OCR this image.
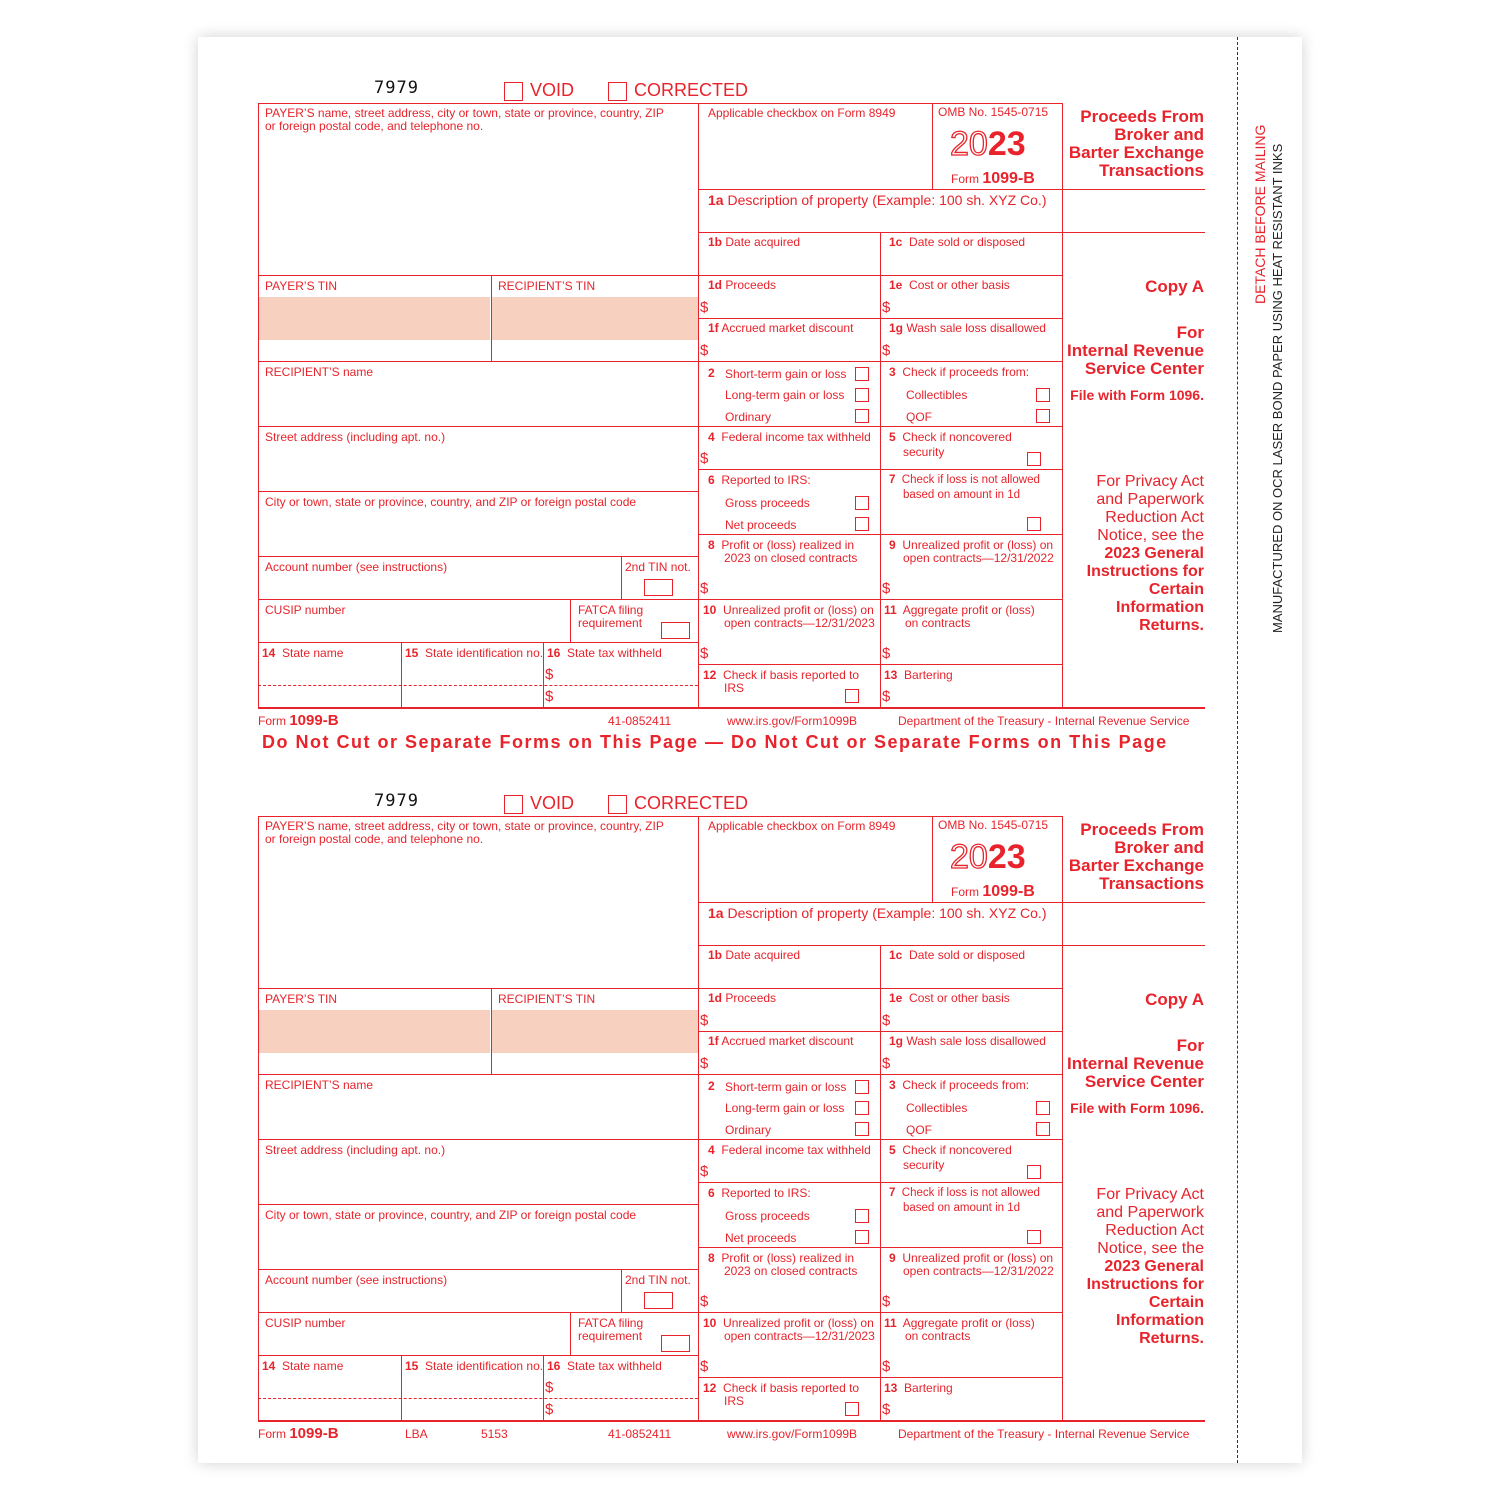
7979	VOID	CORRECTED
PAYER’S name, street address, city or town, state or province, country, ZIP
or foreign postal code, and telephone no.
PAYER’S TIN	RECIPIENT’S TIN
RECIPIENT’S name
Street address (including apt. no.)
City or town, state or province, country, and ZIP or foreign postal code
Account number (see instructions)	2nd TIN not.
CUSIP number	FATCA filing
requirement
14 State name	15 State identification no. 16 State tax withheld
$
$
Applicable checkbox on Form 8949	OMB No. 1545-0715
2023
Form 1099-B
1a Description of property (Example: 100 sh. XYZ Co.)
1b Date acquired	1c Date sold or disposed
1d Proceeds
$
1e Cost or other basis
$
1f Accrued market discount
$
1g Wash sale loss disallowed
$
2 Short-term gain or loss
Long-term gain or loss
Ordinary
3 Check if proceeds from:
Collectibles
QOF
4 Federal income tax withheld
$
5 Check if noncovered
security
6 Reported to IRS:
Gross proceeds
Net proceeds
7 Check if loss is not allowed
based on amount in 1d
8 Profit or (loss) realized in
2023 on closed contracts
$
9 Unrealized profit or (loss) on
open contracts—12/31/2022
$
10 Unrealized profit or (loss) on
open contracts—12/31/2023
$
11 Aggregate profit or (loss)
on contracts
$
12 Check if basis reported to
IRS
13 Bartering
$
Proceeds From
Broker and
Barter Exchange
Transactions
Copy A
For
Internal Revenue
Service Center
File with Form 1096.
For Privacy Act
and Paperwork
Reduction Act
Notice, see the
2023 General
Instructions for
Certain
Information
Returns.
Form 1099-B	41-0852411	www.irs.gov/Form1099B	Department of the Treasury - Internal Revenue Service
Do Not Cut or Separate Forms on This Page — Do Not Cut or Separate Forms on This Page
7979	VOID	CORRECTED
PAYER’S name, street address, city or town, state or province, country, ZIP
or foreign postal code, and telephone no.
PAYER’S TIN	RECIPIENT’S TIN
RECIPIENT’S name
Street address (including apt. no.)
City or town, state or province, country, and ZIP or foreign postal code
Account number (see instructions)	2nd TIN not.
CUSIP number	FATCA filing
requirement
14 State name	15 State identification no. 16 State tax withheld
$
$
Applicable checkbox on Form 8949	OMB No. 1545-0715
2023
Form 1099-B
1a Description of property (Example: 100 sh. XYZ Co.)
1b Date acquired	1c Date sold or disposed
1d Proceeds
$
1e Cost or other basis
$
1f Accrued market discount
$
1g Wash sale loss disallowed
$
2 Short-term gain or loss
Long-term gain or loss
Ordinary
3 Check if proceeds from:
Collectibles
QOF
4 Federal income tax withheld
$
5 Check if noncovered
security
6 Reported to IRS:
Gross proceeds
Net proceeds
7 Check if loss is not allowed
based on amount in 1d
8 Profit or (loss) realized in
2023 on closed contracts
$
9 Unrealized profit or (loss) on
open contracts—12/31/2022
$
10 Unrealized profit or (loss) on
open contracts—12/31/2023
$
11 Aggregate profit or (loss)
on contracts
$
12 Check if basis reported to
IRS
13 Bartering
$
Proceeds From
Broker and
Barter Exchange
Transactions
Copy A
For
Internal Revenue
Service Center
File with Form 1096.
For Privacy Act
and Paperwork
Reduction Act
Notice, see the
2023 General
Instructions for
Certain
Information
Returns.
Form 1099-B	LBA	5153	41-0852411	www.irs.gov/Form1099B	Department of the Treasury - Internal Revenue Service
DETACH BEFORE MAILING MANUFACTURED ON OCR LASER BOND PAPER USING HEAT RESISTANT INKS
